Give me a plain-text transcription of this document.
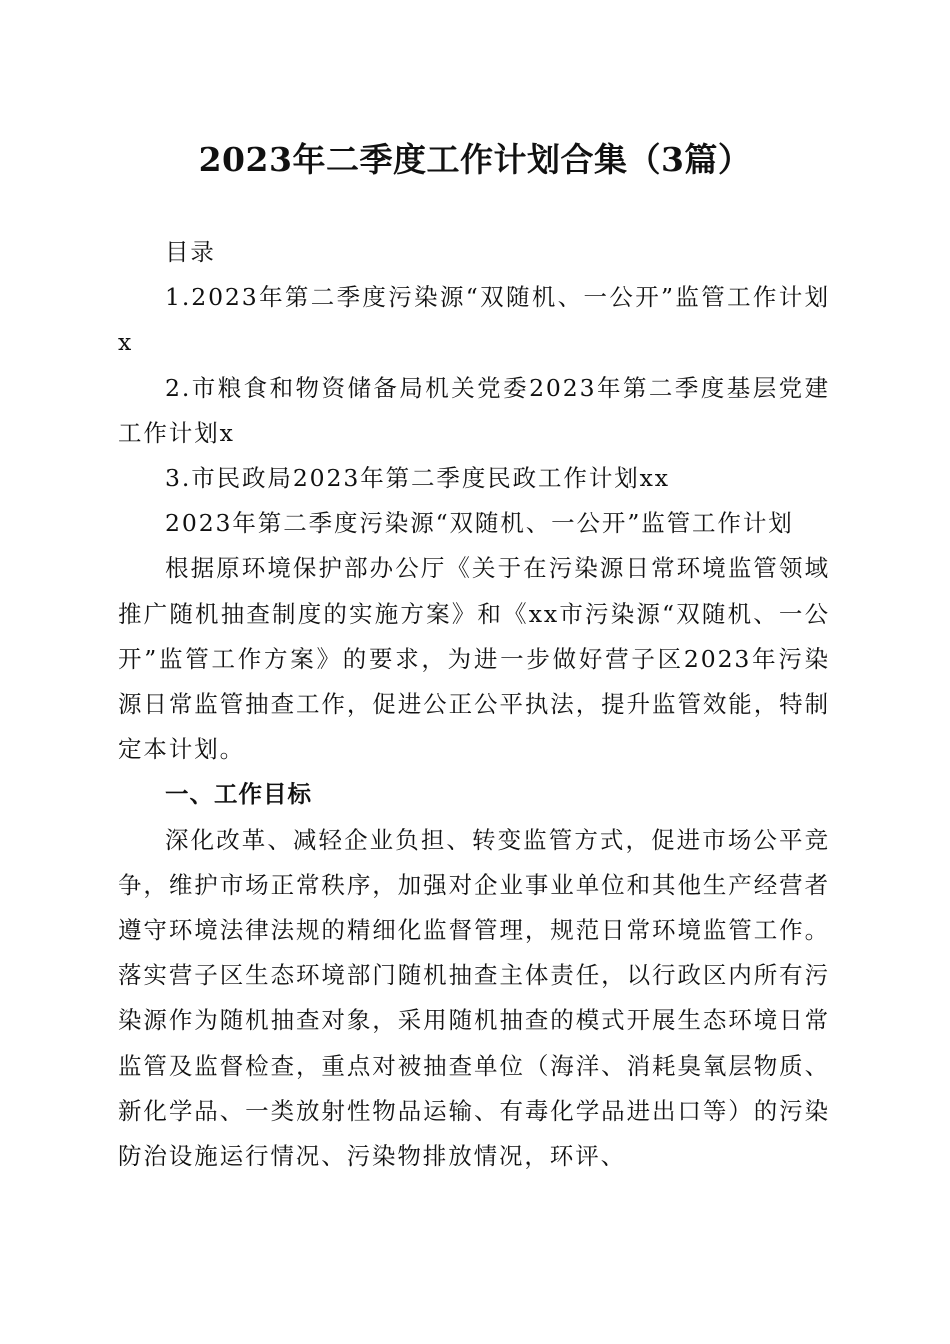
2023年二季度工作计划合集（3篇）

目录

1.2023年第二季度污染源“双随机、一公开”监管工作计划x

2.市粮食和物资储备局机关党委2023年第二季度基层党建工作计划x

3.市民政局2023年第二季度民政工作计划xx

2023年第二季度污染源“双随机、一公开”监管工作计划

根据原环境保护部办公厅《关于在污染源日常环境监管领域推广随机抽查制度的实施方案》和《xx市污染源“双随机、一公开”监管工作方案》的要求，为进一步做好营子区2023年污染源日常监管抽查工作，促进公正公平执法，提升监管效能，特制定本计划。

一、工作目标

深化改革、减轻企业负担、转变监管方式，促进市场公平竞争，维护市场正常秩序，加强对企业事业单位和其他生产经营者遵守环境法律法规的精细化监督管理，规范日常环境监管工作。落实营子区生态环境部门随机抽查主体责任，以行政区内所有污染源作为随机抽查对象，采用随机抽查的模式开展生态环境日常监管及监督检查，重点对被抽查单位（海洋、消耗臭氧层物质、新化学品、一类放射性物品运输、有毒化学品进出口等）的污染防治设施运行情况、污染物排放情况，环评、
